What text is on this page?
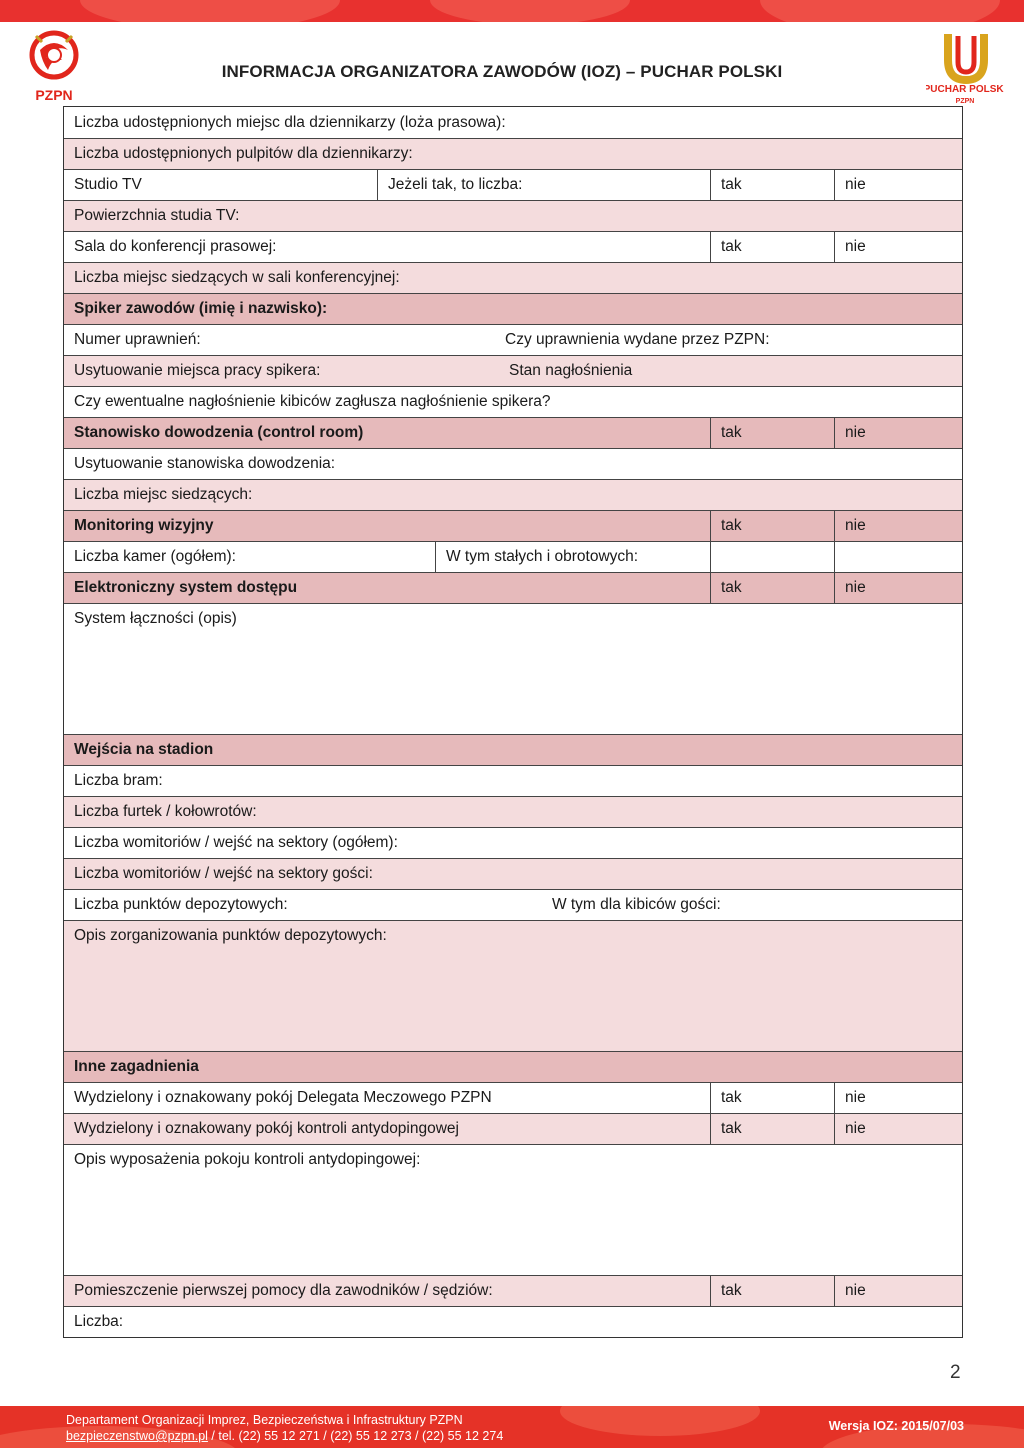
PZPN	PUCHAR POLSKI
PZPN
INFORMACJA ORGANIZATORA ZAWODÓW (IOZ) – PUCHAR POLSKI
Liczba udostępnionych miejsc dla dziennikarzy (loża prasowa):
Liczba udostępnionych pulpitów dla dziennikarzy:
Studio TV	Jeżeli tak, to liczba:	tak	nie
Powierzchnia studia TV:
Sala do konferencji prasowej:	tak	nie
Liczba miejsc siedzących w sali konferencyjnej:
Spiker zawodów (imię i nazwisko):
Numer uprawnień:	Czy uprawnienia wydane przez PZPN:
Usytuowanie miejsca pracy spikera:	Stan nagłośnienia
Czy ewentualne nagłośnienie kibiców zagłusza nagłośnienie spikera?
Stanowisko dowodzenia (control room)	tak	nie
Usytuowanie stanowiska dowodzenia:
Liczba miejsc siedzących:
Monitoring wizyjny	tak	nie
Liczba kamer (ogółem):	W tym stałych i obrotowych:
Elektroniczny system dostępu	tak	nie
System łączności (opis)
Wejścia na stadion
Liczba bram:
Liczba furtek / kołowrotów:
Liczba womitoriów / wejść na sektory (ogółem):
Liczba womitoriów / wejść na sektory gości:
Liczba punktów depozytowych:	W tym dla kibiców gości:
Opis zorganizowania punktów depozytowych:
Inne zagadnienia
Wydzielony i oznakowany pokój Delegata Meczowego PZPN	tak	nie
Wydzielony i oznakowany pokój kontroli antydopingowej	tak	nie
Opis wyposażenia pokoju kontroli antydopingowej:
Pomieszczenie pierwszej pomocy dla zawodników / sędziów:	tak	nie
Liczba:
2
Departament Organizacji Imprez, Bezpieczeństwa i Infrastruktury PZPN
bezpieczenstwo@pzpn.pl / tel. (22) 55 12 271 / (22) 55 12 273 / (22) 55 12 274
Wersja IOZ: 2015/07/03
